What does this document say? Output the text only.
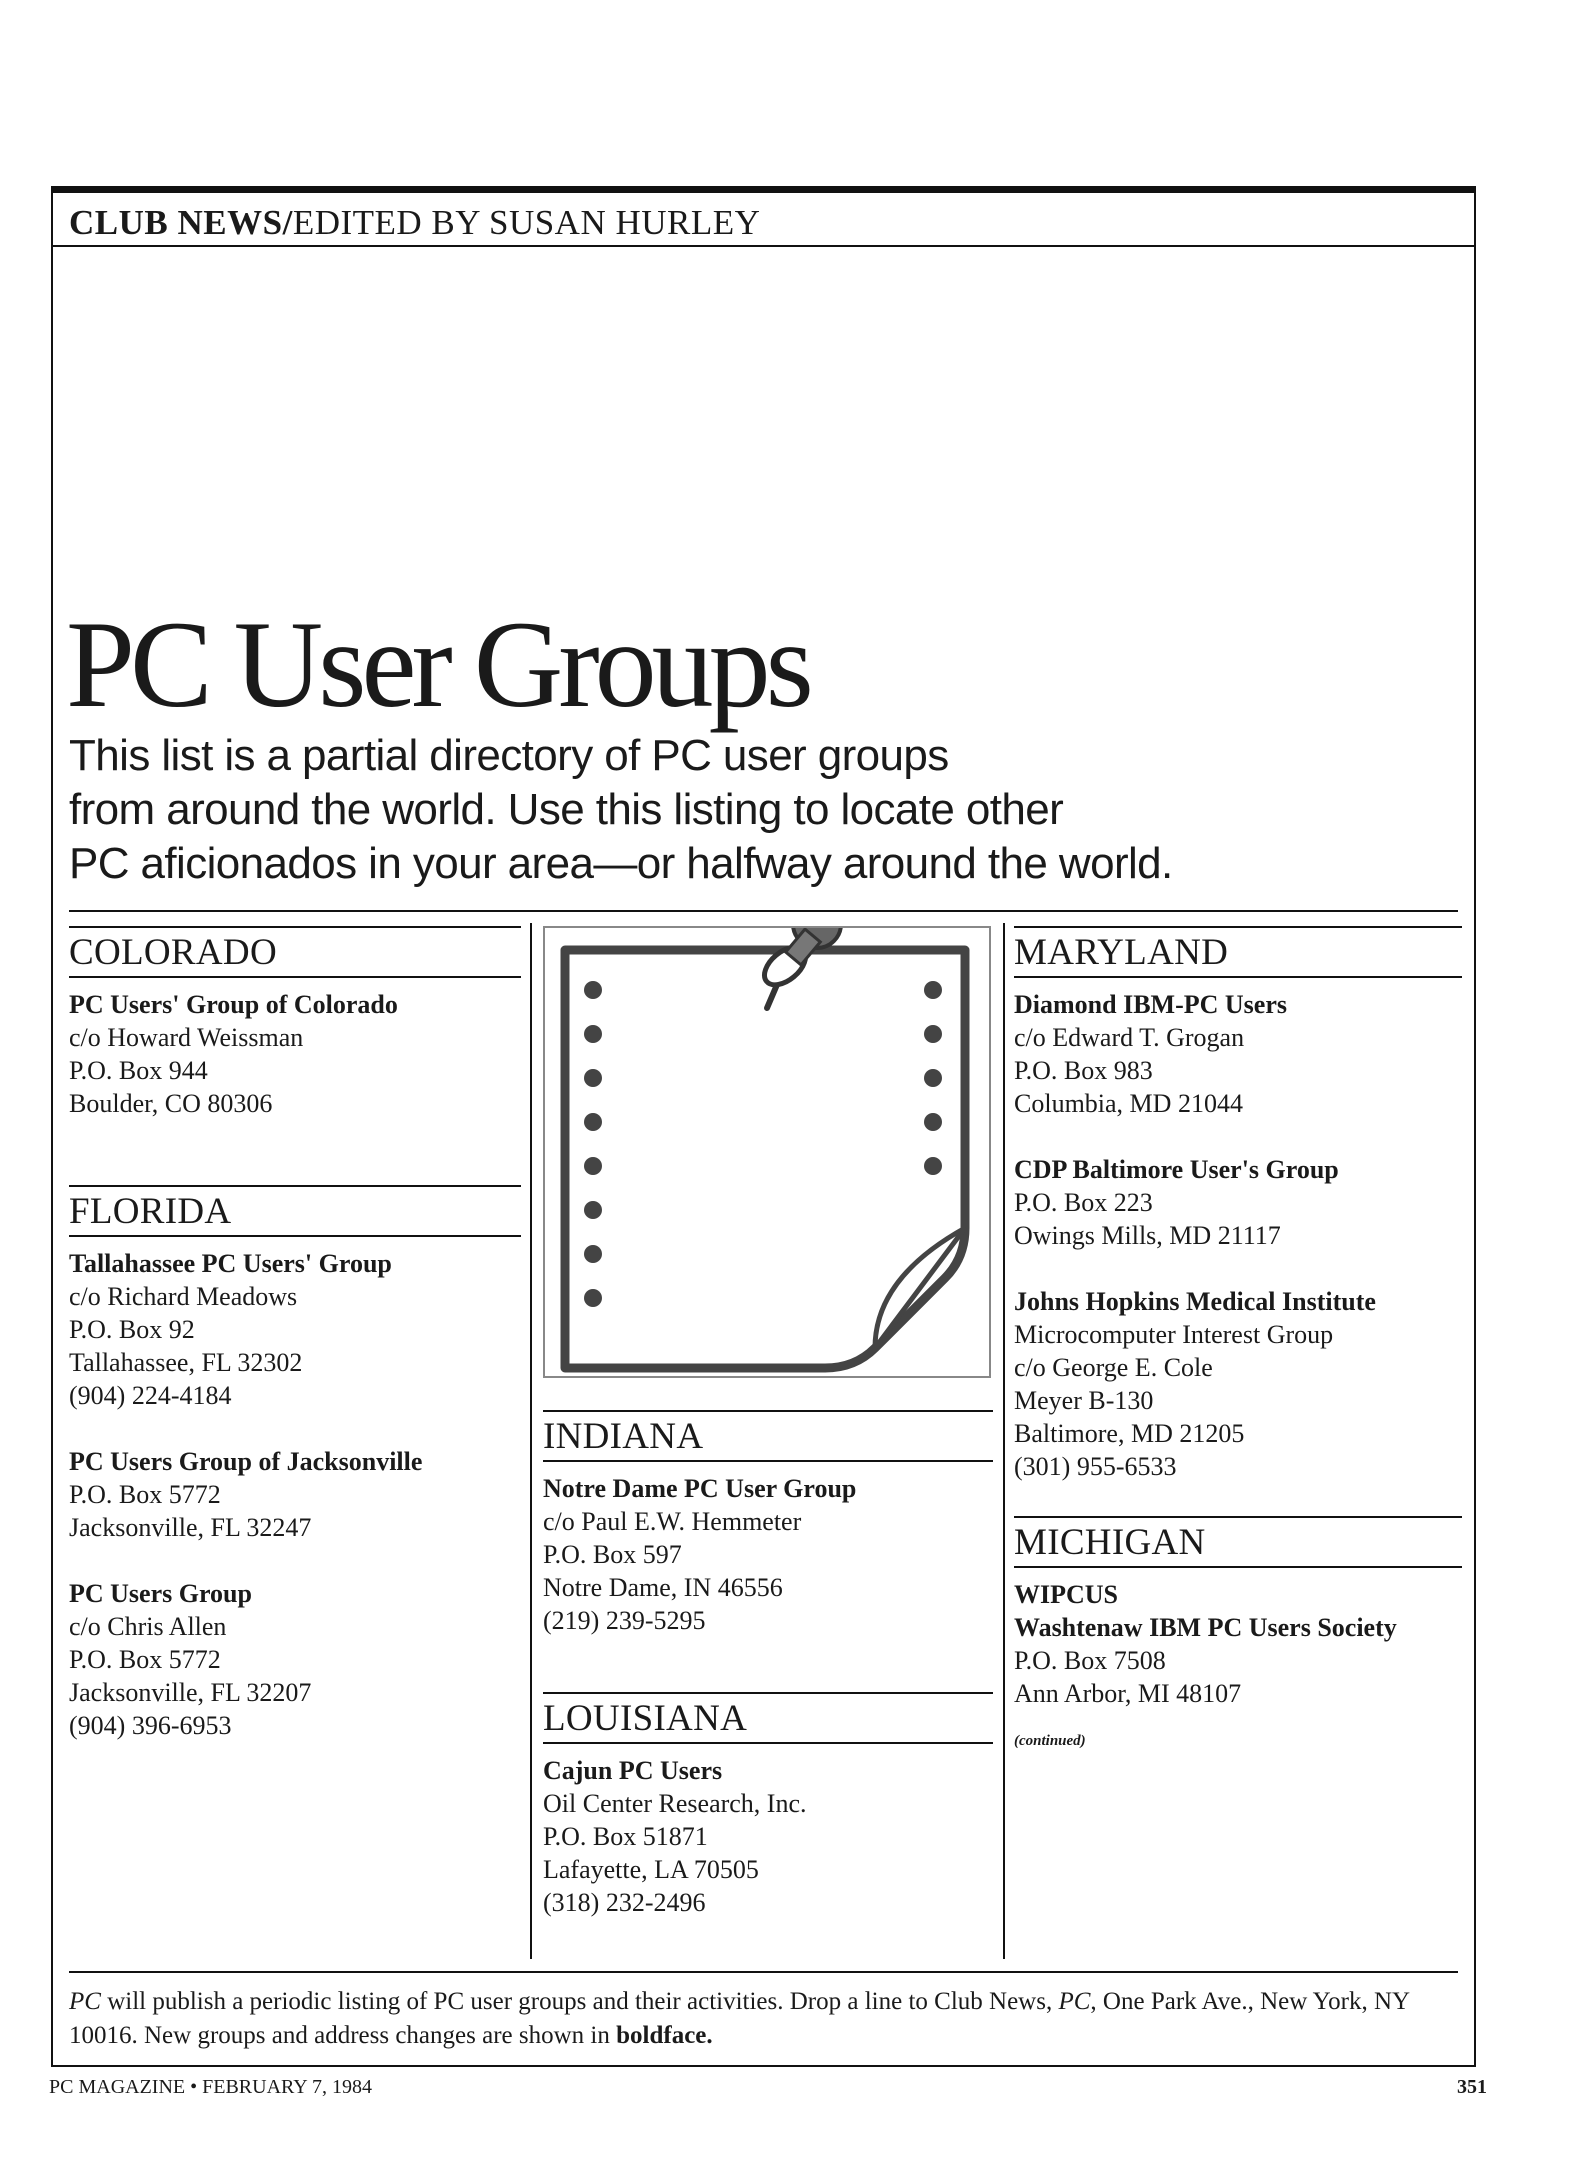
CLUB NEWS/EDITED BY SUSAN HURLEY
PC User Groups
This list is a partial directory of PC user groups
from around the world. Use this listing to locate other
PC aficionados in your area—or halfway around the world.
COLORADO
PC Users' Group of Colorado
c/o Howard Weissman
P.O. Box 944
Boulder, CO 80306
FLORIDA
Tallahassee PC Users' Group
c/o Richard Meadows
P.O. Box 92
Tallahassee, FL 32302
(904) 224-4184
PC Users Group of Jacksonville
P.O. Box 5772
Jacksonville, FL 32247
PC Users Group
c/o Chris Allen
P.O. Box 5772
Jacksonville, FL 32207
(904) 396-6953
INDIANA
Notre Dame PC User Group
c/o Paul E.W. Hemmeter
P.O. Box 597
Notre Dame, IN 46556
(219) 239-5295
LOUISIANA
Cajun PC Users
Oil Center Research, Inc.
P.O. Box 51871
Lafayette, LA 70505
(318) 232-2496
MARYLAND
Diamond IBM-PC Users
c/o Edward T. Grogan
P.O. Box 983
Columbia, MD 21044
CDP Baltimore User's Group
P.O. Box 223
Owings Mills, MD 21117
Johns Hopkins Medical Institute
Microcomputer Interest Group
c/o George E. Cole
Meyer B-130
Baltimore, MD 21205
(301) 955-6533
MICHIGAN
WIPCUS
Washtenaw IBM PC Users Society
P.O. Box 7508
Ann Arbor, MI 48107
(continued)
PC will publish a periodic listing of PC user groups and their activities. Drop a line to Club News, PC, One Park Ave., New York, NY 10016. New groups and address changes are shown in boldface.
PC MAGAZINE • FEBRUARY 7, 1984	351
